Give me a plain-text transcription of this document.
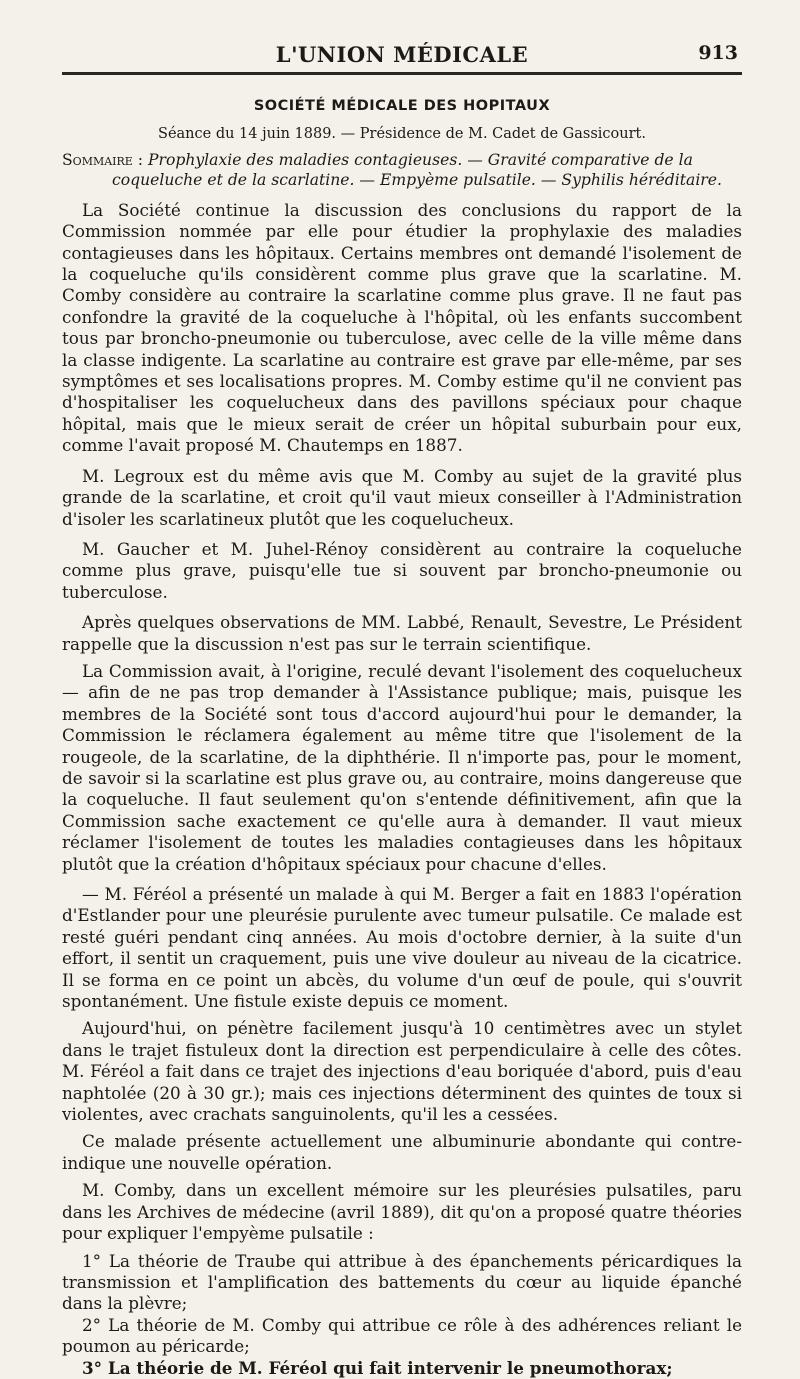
L'UNION MÉDICALE	913
SOCIÉTÉ MÉDICALE DES HOPITAUX
Séance du 14 juin 1889. — Présidence de M. Cadet de Gassicourt.
Sommaire : Prophylaxie des maladies contagieuses. — Gravité comparative de la coqueluche et de la scarlatine. — Empyème pulsatile. — Syphilis héréditaire.

La Société continue la discussion des conclusions du rapport de la Commission nommée par elle pour étudier la prophylaxie des maladies contagieuses dans les hôpitaux. Certains membres ont demandé l'isolement de la coqueluche qu'ils considèrent comme plus grave que la scarlatine. M. Comby considère au contraire la scarlatine comme plus grave. Il ne faut pas confondre la gravité de la coqueluche à l'hôpital, où les enfants succombent tous par broncho-pneumonie ou tuberculose, avec celle de la ville même dans la classe indigente. La scarlatine au contraire est grave par elle-même, par ses symptômes et ses localisations propres. M. Comby estime qu'il ne convient pas d'hospitaliser les coquelucheux dans des pavillons spéciaux pour chaque hôpital, mais que le mieux serait de créer un hôpital suburbain pour eux, comme l'avait proposé M. Chautemps en 1887.

M. Legroux est du même avis que M. Comby au sujet de la gravité plus grande de la scarlatine, et croit qu'il vaut mieux conseiller à l'Administration d'isoler les scarlatineux plutôt que les coquelucheux.

M. Gaucher et M. Juhel-Rénoy considèrent au contraire la coqueluche comme plus grave, puisqu'elle tue si souvent par broncho-pneumonie ou tuberculose.

Après quelques observations de MM. Labbé, Renault, Sevestre, Le Président rappelle que la discussion n'est pas sur le terrain scientifique.

La Commission avait, à l'origine, reculé devant l'isolement des coquelucheux — afin de ne pas trop demander à l'Assistance publique; mais, puisque les membres de la Société sont tous d'accord aujourd'hui pour le demander, la Commission le réclamera également au même titre que l'isolement de la rougeole, de la scarlatine, de la diphthérie. Il n'importe pas, pour le moment, de savoir si la scarlatine est plus grave ou, au contraire, moins dangereuse que la coqueluche. Il faut seulement qu'on s'entende définitivement, afin que la Commission sache exactement ce qu'elle aura à demander. Il vaut mieux réclamer l'isolement de toutes les maladies contagieuses dans les hôpitaux plutôt que la création d'hôpitaux spéciaux pour chacune d'elles.

— M. Féréol a présenté un malade à qui M. Berger a fait en 1883 l'opération d'Estlander pour une pleurésie purulente avec tumeur pulsatile. Ce malade est resté guéri pendant cinq années. Au mois d'octobre dernier, à la suite d'un effort, il sentit un craquement, puis une vive douleur au niveau de la cicatrice. Il se forma en ce point un abcès, du volume d'un œuf de poule, qui s'ouvrit spontanément. Une fistule existe depuis ce moment.

Aujourd'hui, on pénètre facilement jusqu'à 10 centimètres avec un stylet dans le trajet fistuleux dont la direction est perpendiculaire à celle des côtes. M. Féréol a fait dans ce trajet des injections d'eau boriquée d'abord, puis d'eau naphtolée (20 à 30 gr.); mais ces injections déterminent des quintes de toux si violentes, avec crachats sanguinolents, qu'il les a cessées.

Ce malade présente actuellement une albuminurie abondante qui contre-indique une nouvelle opération.

M. Comby, dans un excellent mémoire sur les pleurésies pulsatiles, paru dans les Archives de médecine (avril 1889), dit qu'on a proposé quatre théories pour expliquer l'empyème pulsatile :

1° La théorie de Traube qui attribue à des épanchements péricardiques la transmission et l'amplification des battements du cœur au liquide épanché dans la plèvre;

2° La théorie de M. Comby qui attribue ce rôle à des adhérences reliant le poumon au péricarde;

3° La théorie de M. Féréol qui fait intervenir le pneumothorax;
